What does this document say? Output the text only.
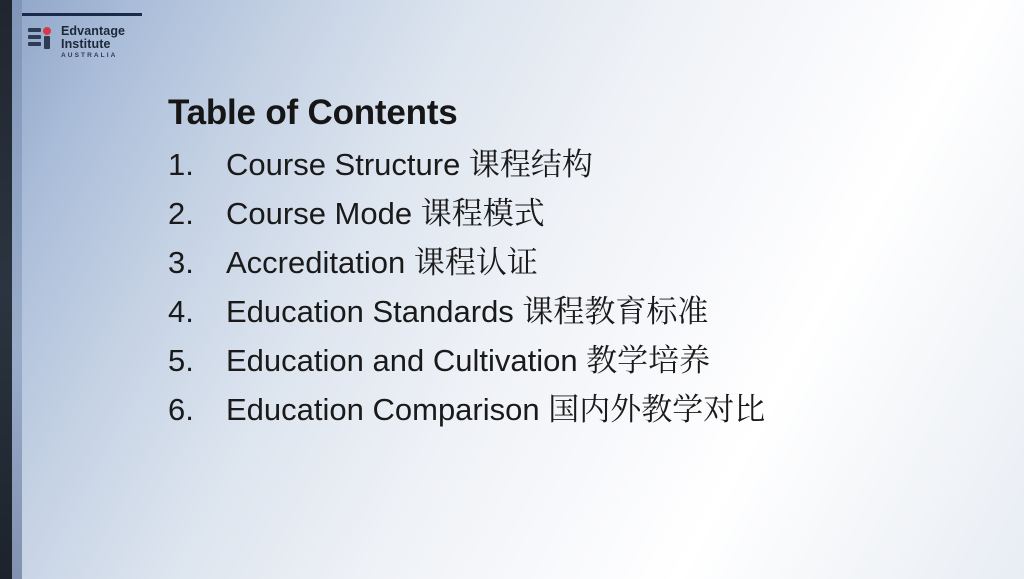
Edvantage
Institute
AUSTRALIA
Table of Contents
1.	Course Structure 课程结构
2.	Course Mode 课程模式
3.	Accreditation 课程认证
4.	Education Standards 课程教育标准
5.	Education and Cultivation 教学培养
6.	Education Comparison 国内外教学对比
